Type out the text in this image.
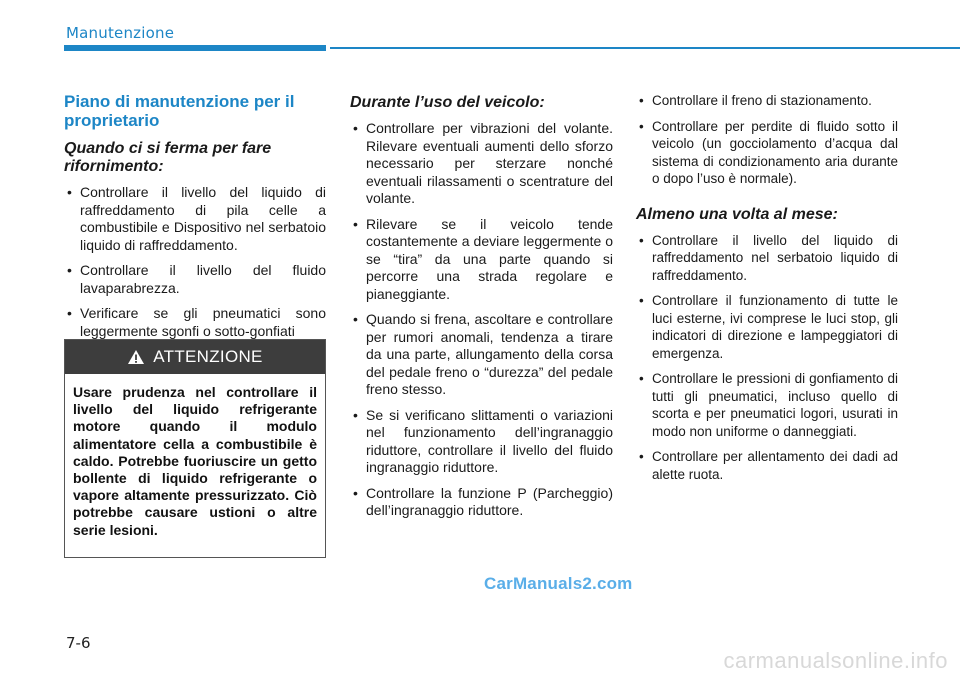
Manutenzione
Piano di manutenzione per il proprietario
Quando ci si ferma per fare rifornimento:
• Controllare il livello del liquido di raffreddamento di pila celle a combustibile e Dispositivo nel serbatoio liquido di raffreddamento.
• Controllare il livello del fluido lavaparabrezza.
• Verificare se gli pneumatici sono leggermente sgonfi o sotto-gonfiati
ATTENZIONE
Usare prudenza nel controllare il livello del liquido refrigerante motore quando il modulo alimentatore cella a combustibile è caldo. Potrebbe fuoriuscire un getto bollente di liquido refrigerante o vapore altamente pressurizzato. Ciò potrebbe causare ustioni o altre serie lesioni.
Durante l’uso del veicolo:
• Controllare per vibrazioni del volante. Rilevare eventuali aumenti dello sforzo necessario per sterzare nonché eventuali rilassamenti o scentrature del volante.
• Rilevare se il veicolo tende costantemente a deviare leggermente o se “tira” da una parte quando si percorre una strada regolare e pianeggiante.
• Quando si frena, ascoltare e controllare per rumori anomali, tendenza a tirare da una parte, allungamento della corsa del pedale freno o “durezza” del pedale freno stesso.
• Se si verificano slittamenti o variazioni nel funzionamento dell’ingranaggio riduttore, controllare il livello del fluido ingranaggio riduttore.
• Controllare la funzione P (Parcheggio) dell’ingranaggio riduttore.
• Controllare il freno di stazionamento.
• Controllare per perdite di fluido sotto il veicolo (un gocciolamento d’acqua dal sistema di condizionamento aria durante o dopo l’uso è normale).
Almeno una volta al mese:
• Controllare il livello del liquido di raffreddamento nel serbatoio liquido di raffreddamento.
• Controllare il funzionamento di tutte le luci esterne, ivi comprese le luci stop, gli indicatori di direzione e lampeggiatori di emergenza.
• Controllare le pressioni di gonfiamento di tutti gli pneumatici, incluso quello di scorta e per pneumatici logori, usurati in modo non uniforme o danneggiati.
• Controllare per allentamento dei dadi ad alette ruota.
CarManuals2.com
7-6
carmanualsonline.info
